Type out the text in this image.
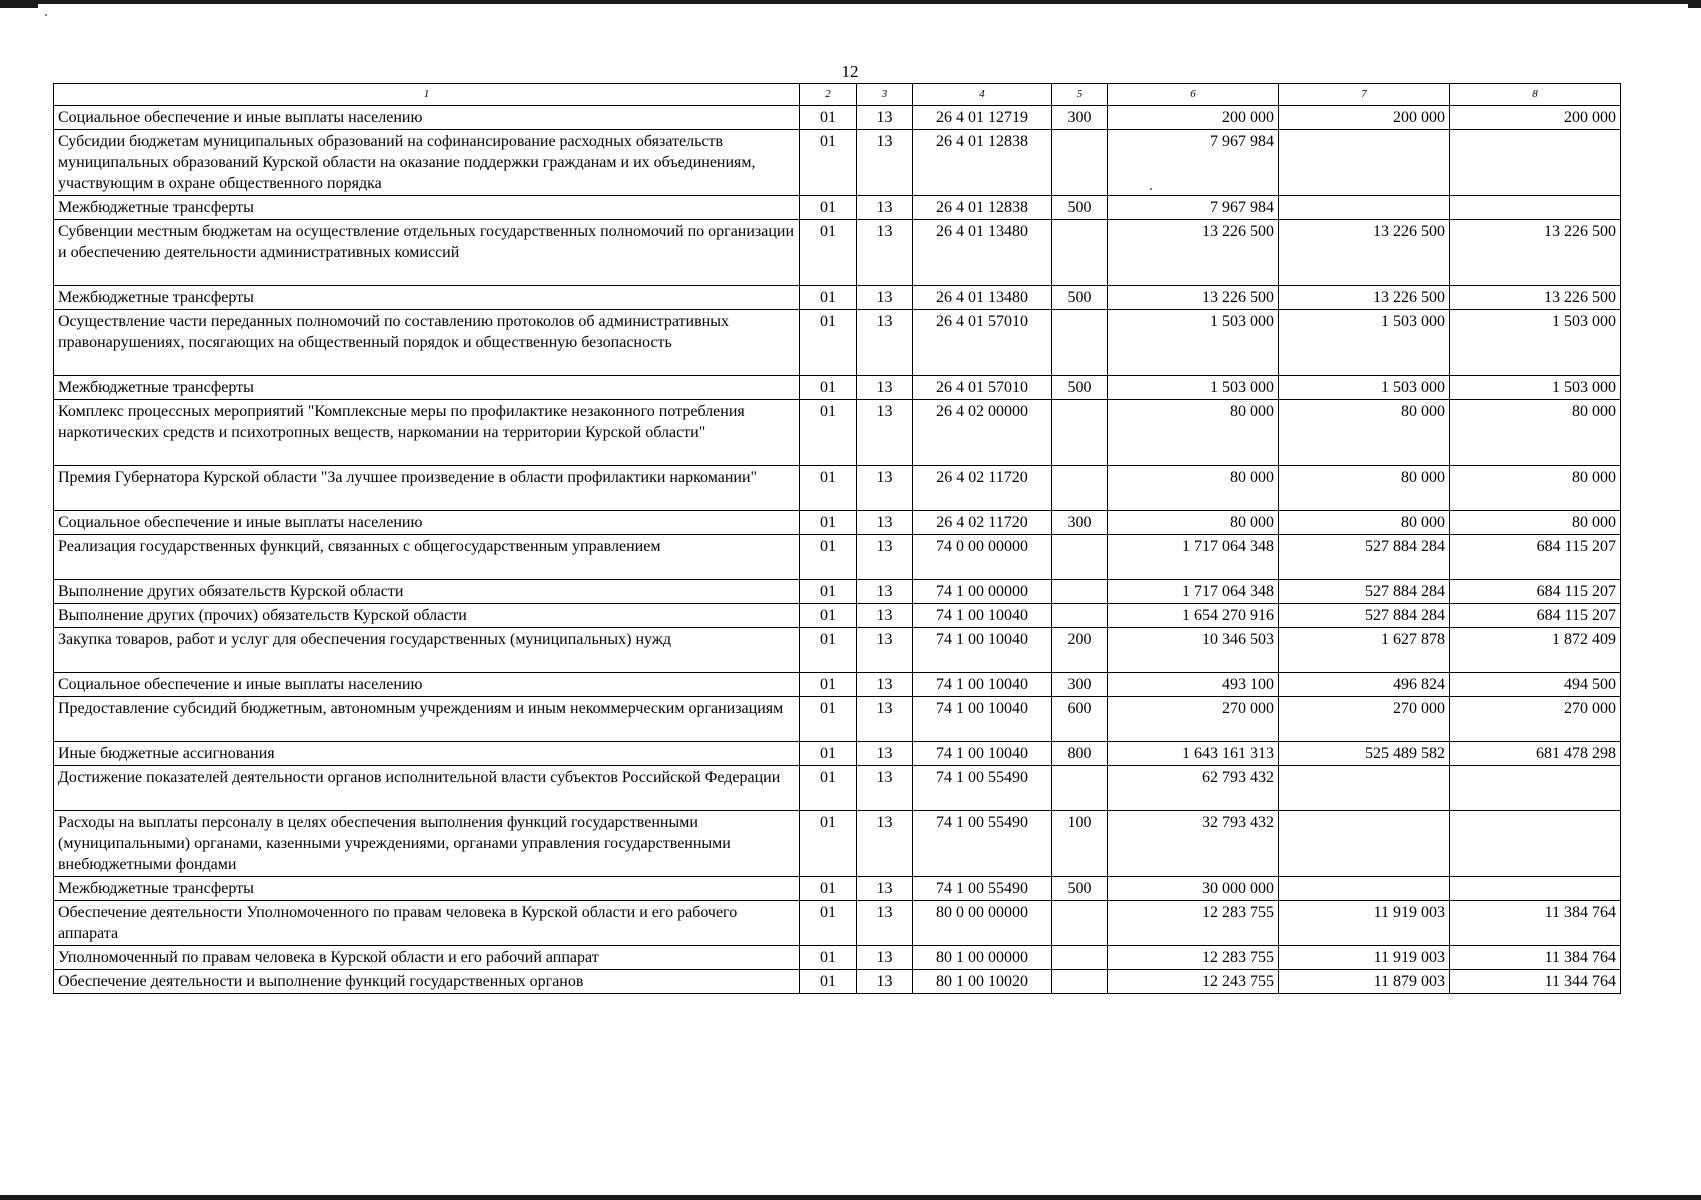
12
1	2	3	4	5	6	7	8
Социальное обеспечение и иные выплаты населению	01	13	26 4 01 12719	300	200 000	200 000	200 000
Субсидии бюджетам муниципальных образований на софинансирование расходных обязательств муниципальных образований Курской области на оказание поддержки гражданам и их объединениям, участвующим в охране общественного порядка	01	13	26 4 01 12838		7 967 984		
Межбюджетные трансферты	01	13	26 4 01 12838	500	7 967 984		
Субвенции местным бюджетам на осуществление отдельных государственных полномочий по организации и обеспечению деятельности административных комиссий	01	13	26 4 01 13480		13 226 500	13 226 500	13 226 500
Межбюджетные трансферты	01	13	26 4 01 13480	500	13 226 500	13 226 500	13 226 500
Осуществление части переданных полномочий по составлению протоколов об административных правонарушениях, посягающих на общественный порядок и общественную безопасность	01	13	26 4 01 57010		1 503 000	1 503 000	1 503 000
Межбюджетные трансферты	01	13	26 4 01 57010	500	1 503 000	1 503 000	1 503 000
Комплекс процессных мероприятий "Комплексные меры по профилактике незаконного потребления наркотических средств и психотропных веществ, наркомании на территории Курской области"	01	13	26 4 02 00000		80 000	80 000	80 000
Премия Губернатора Курской области "За лучшее произведение в области профилактики наркомании"	01	13	26 4 02 11720		80 000	80 000	80 000
Социальное обеспечение и иные выплаты населению	01	13	26 4 02 11720	300	80 000	80 000	80 000
Реализация государственных функций, связанных с общегосударственным управлением	01	13	74 0 00 00000		1 717 064 348	527 884 284	684 115 207
Выполнение других обязательств Курской области	01	13	74 1 00 00000		1 717 064 348	527 884 284	684 115 207
Выполнение других (прочих) обязательств Курской области	01	13	74 1 00 10040		1 654 270 916	527 884 284	684 115 207
Закупка товаров, работ и услуг для обеспечения государственных (муниципальных) нужд	01	13	74 1 00 10040	200	10 346 503	1 627 878	1 872 409
Социальное обеспечение и иные выплаты населению	01	13	74 1 00 10040	300	493 100	496 824	494 500
Предоставление субсидий бюджетным, автономным учреждениям и иным некоммерческим организациям	01	13	74 1 00 10040	600	270 000	270 000	270 000
Иные бюджетные ассигнования	01	13	74 1 00 10040	800	1 643 161 313	525 489 582	681 478 298
Достижение показателей деятельности органов исполнительной власти субъектов Российской Федерации	01	13	74 1 00 55490		62 793 432		
Расходы на выплаты персоналу в целях обеспечения выполнения функций государственными (муниципальными) органами, казенными учреждениями, органами управления государственными внебюджетными фондами	01	13	74 1 00 55490	100	32 793 432		
Межбюджетные трансферты	01	13	74 1 00 55490	500	30 000 000		
Обеспечение деятельности Уполномоченного по правам человека в Курской области и его рабочего аппарата	01	13	80 0 00 00000		12 283 755	11 919 003	11 384 764
Уполномоченный по правам человека в Курской области и его рабочий аппарат	01	13	80 1 00 00000		12 283 755	11 919 003	11 384 764
Обеспечение деятельности и выполнение функций государственных органов	01	13	80 1 00 10020		12 243 755	11 879 003	11 344 764
